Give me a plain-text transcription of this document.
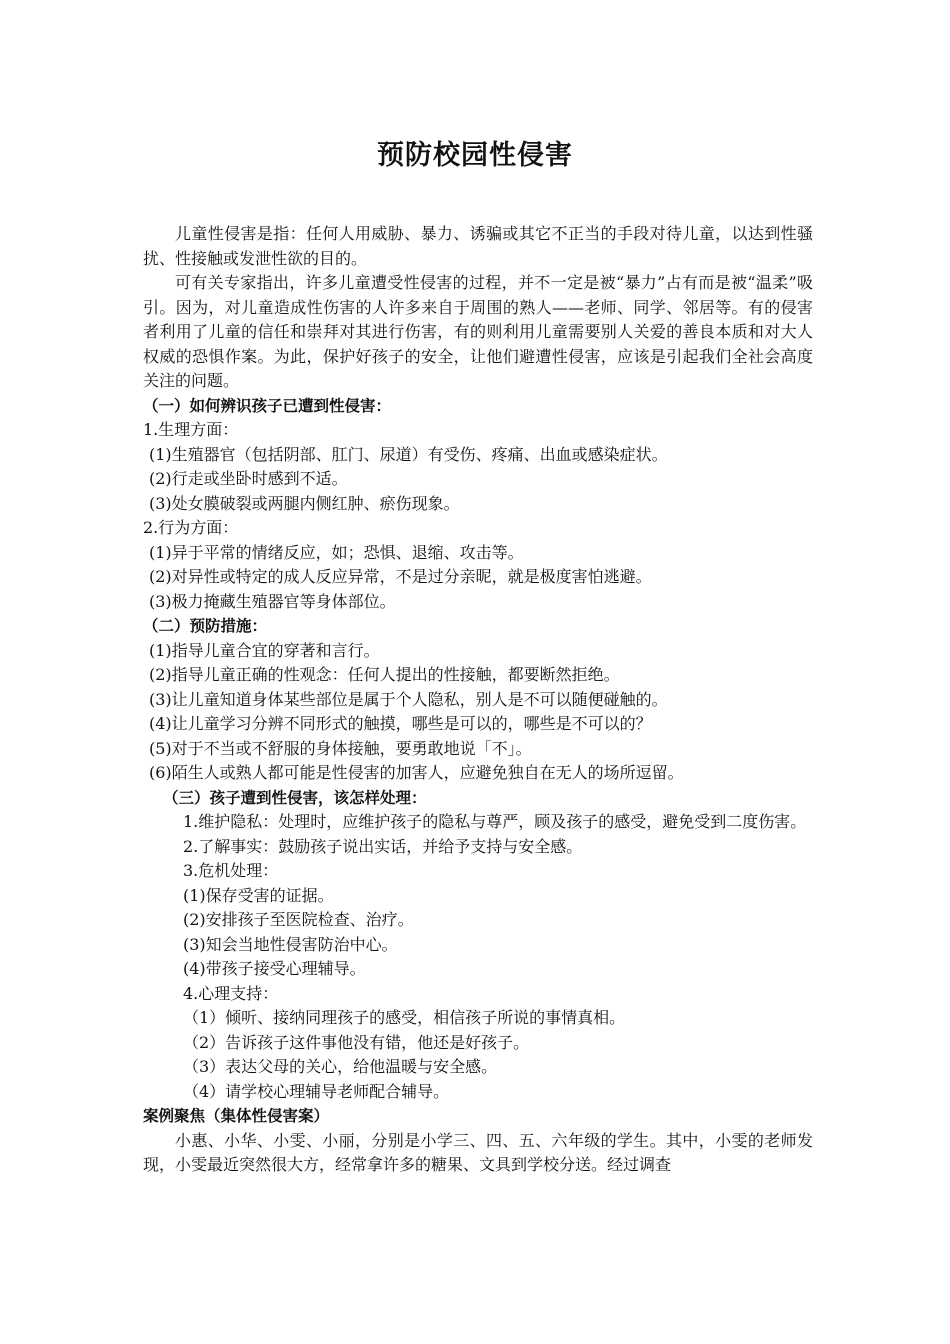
预防校园性侵害

儿童性侵害是指：任何人用威胁、暴力、诱骗或其它不正当的手段对待儿童，以达到性骚扰、性接触或发泄性欲的目的。

可有关专家指出，许多儿童遭受性侵害的过程，并不一定是被“暴力”占有而是被“温柔”吸引。因为，对儿童造成性伤害的人许多来自于周围的熟人——老师、同学、邻居等。有的侵害者利用了儿童的信任和崇拜对其进行伤害，有的则利用儿童需要别人关爱的善良本质和对大人权威的恐惧作案。为此，保护好孩子的安全，让他们避遭性侵害，应该是引起我们全社会高度关注的问题。

（一）如何辨识孩子已遭到性侵害：

1.生理方面：

(1)生殖器官（包括阴部、肛门、尿道）有受伤、疼痛、出血或感染症状。

(2)行走或坐卧时感到不适。

(3)处女膜破裂或两腿内侧红肿、瘀伤现象。

2.行为方面：

(1)异于平常的情绪反应，如；恐惧、退缩、攻击等。

(2)对异性或特定的成人反应异常，不是过分亲昵，就是极度害怕逃避。

(3)极力掩藏生殖器官等身体部位。

（二）预防措施：

(1)指导儿童合宜的穿著和言行。

(2)指导儿童正确的性观念：任何人提出的性接触，都要断然拒绝。

(3)让儿童知道身体某些部位是属于个人隐私，别人是不可以随便碰触的。

(4)让儿童学习分辨不同形式的触摸，哪些是可以的，哪些是不可以的？

(5)对于不当或不舒服的身体接触，要勇敢地说「不」。

(6)陌生人或熟人都可能是性侵害的加害人，应避免独自在无人的场所逗留。

（三）孩子遭到性侵害，该怎样处理：

1.维护隐私：处理时，应维护孩子的隐私与尊严，顾及孩子的感受，避免受到二度伤害。

2.了解事实：鼓励孩子说出实话，并给予支持与安全感。

3.危机处理：

(1)保存受害的证据。

(2)安排孩子至医院检查、治疗。

(3)知会当地性侵害防治中心。

(4)带孩子接受心理辅导。

4.心理支持：

（1）倾听、接纳同理孩子的感受，相信孩子所说的事情真相。

（2）告诉孩子这件事他没有错，他还是好孩子。

（3）表达父母的关心，给他温暖与安全感。

（4）请学校心理辅导老师配合辅导。

案例聚焦（集体性侵害案）

小惠、小华、小雯、小丽，分别是小学三、四、五、六年级的学生。其中，小雯的老师发现，小雯最近突然很大方，经常拿许多的糖果、文具到学校分送。经过调查
